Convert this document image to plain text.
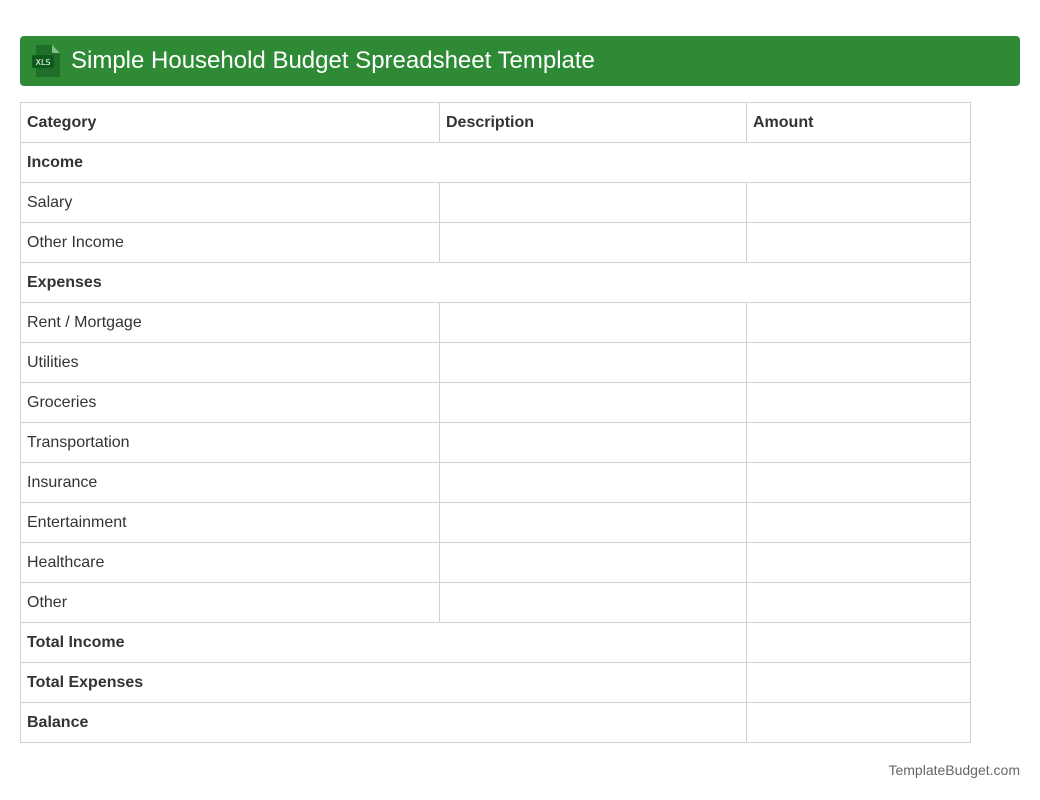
XLS Simple Household Budget Spreadsheet Template
Category	Description	Amount
Income		
Salary		
Other Income		
Expenses		
Rent / Mortgage		
Utilities		
Groceries		
Transportation		
Insurance		
Entertainment		
Healthcare		
Other		
Total Income		
Total Expenses		
Balance		
TemplateBudget.com
